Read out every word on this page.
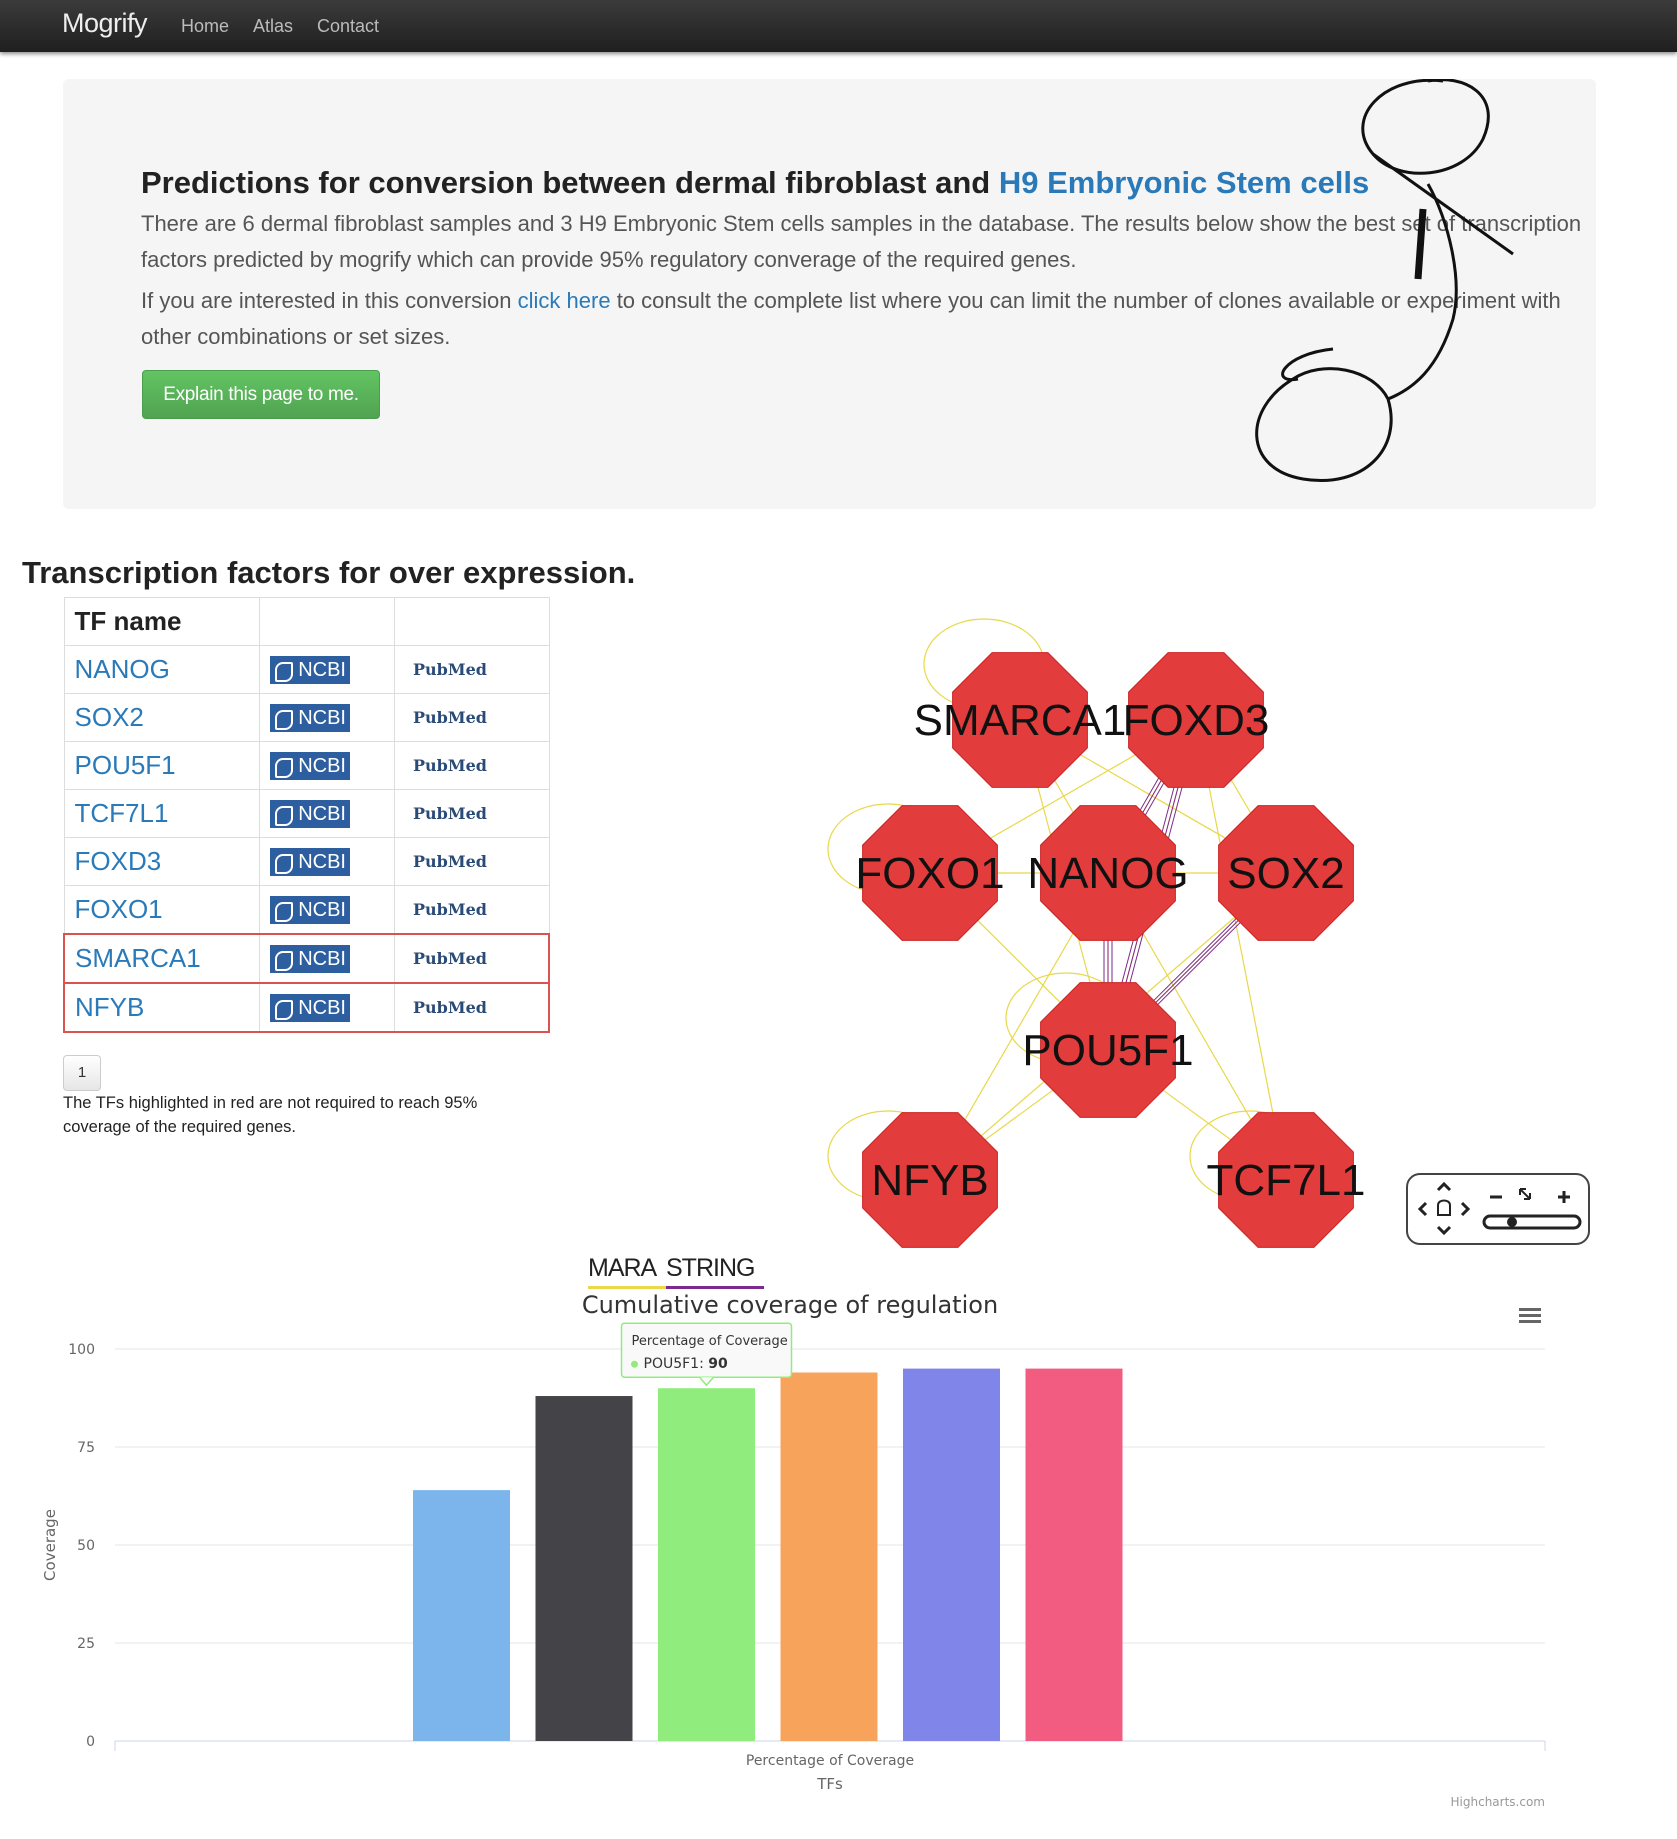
Mogrify Home Atlas Contact
Predictions for conversion between dermal fibroblast and H9 Embryonic Stem cells
There are 6 dermal fibroblast samples and 3 H9 Embryonic Stem cells samples in the database. The results below show the best set of transcription factors predicted by mogrify which can provide 95% regulatory converage of the required genes.
If you are interested in this conversion click here to consult the complete list where you can limit the number of clones available or experiment with other combinations or set sizes.
Explain this page to me.
Transcription factors for over expression.
TF name		
NANOG	NCBI	PubMed
SOX2	NCBI	PubMed
POU5F1	NCBI	PubMed
TCF7L1	NCBI	PubMed
FOXD3	NCBI	PubMed
FOXO1	NCBI	PubMed
SMARCA1	NCBI	PubMed
NFYB	NCBI	PubMed
1
The TFs highlighted in red are not required to reach 95% coverage of the required genes.
SMARCA1
FOXD3
FOXO1 NANOG SOX2
POU5F1
NFYB	TCF7L1
MARA STRING
Cumulative coverage of regulation
0
25
50
75
100
Coverage
Percentage of Coverage
TFs
Percentage of Coverage
POU5F1: 90
Highcharts.com
